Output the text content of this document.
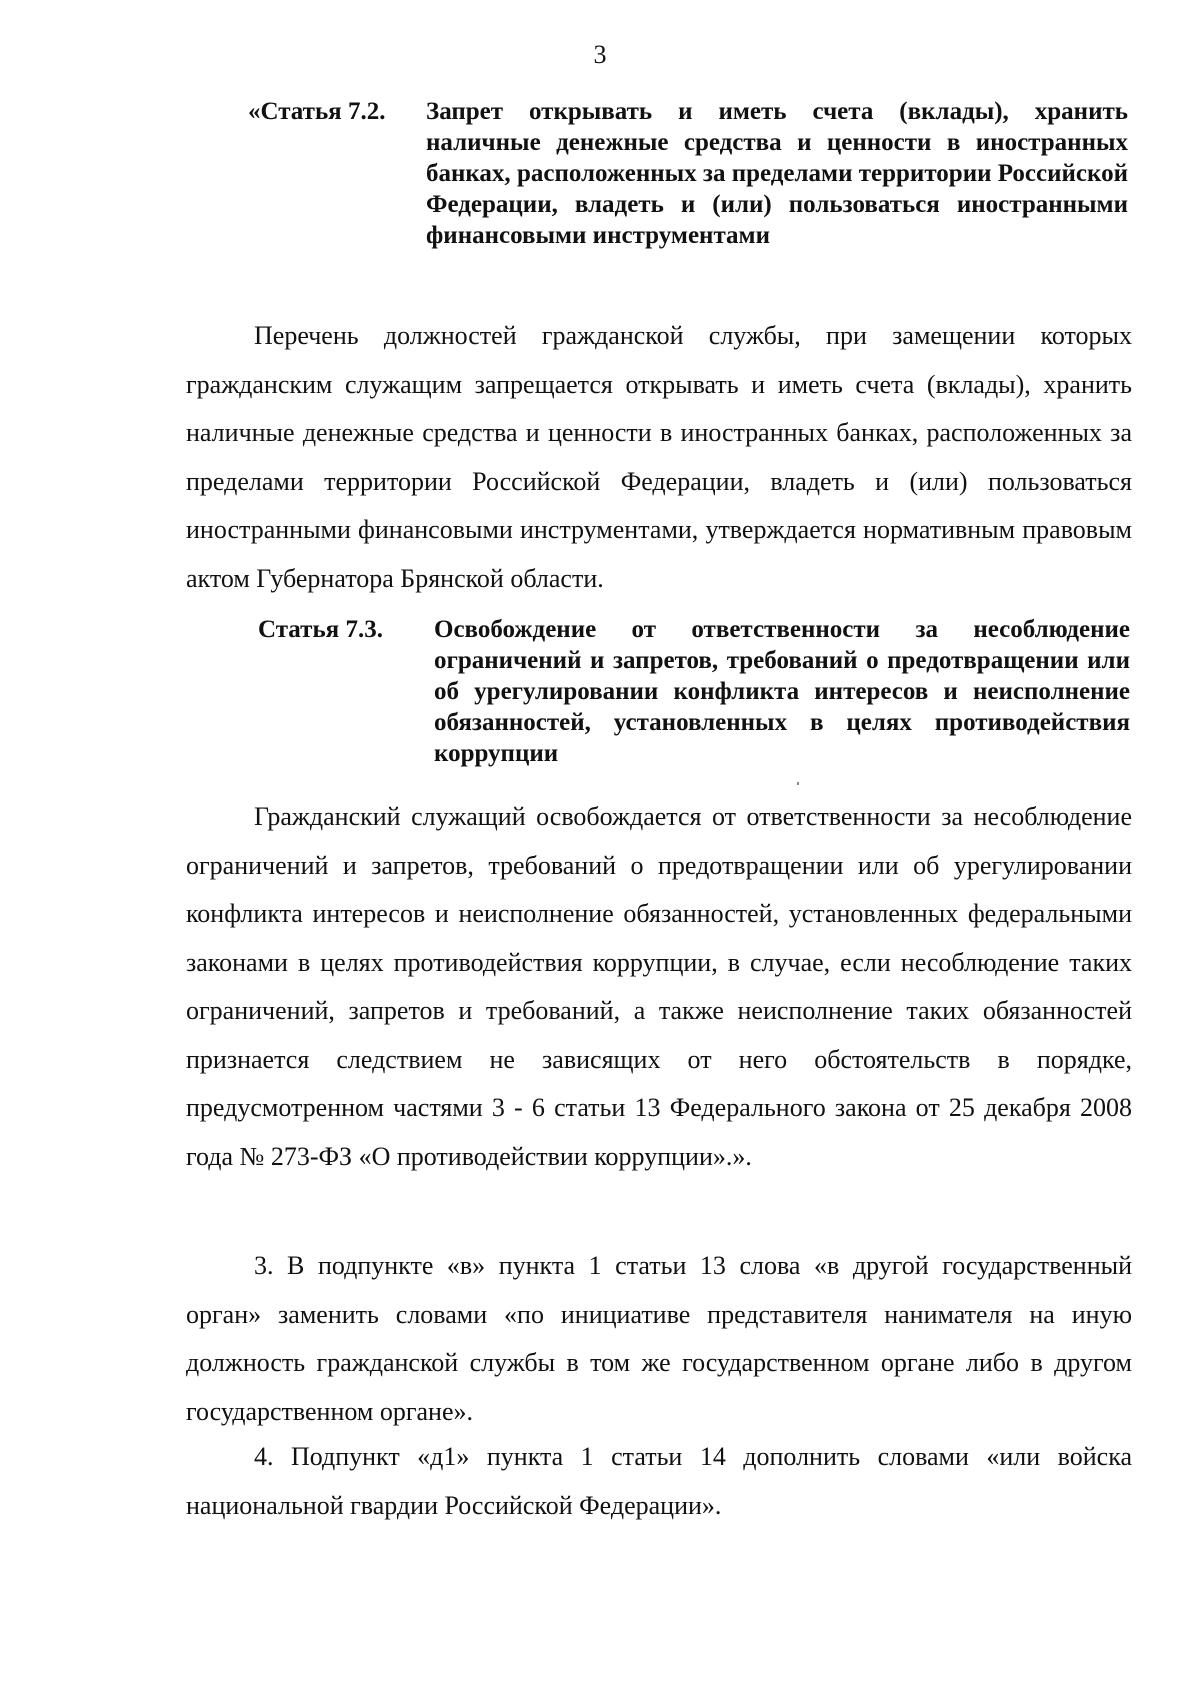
3
«Статья 7.2. Запрет открывать и иметь счета (вклады), хранить наличные денежные средства и ценности в иностранных банках, расположенных за пределами территории Российской Федерации, владеть и (или) пользоваться иностранными финансовыми инструментами

Перечень должностей гражданской службы, при замещении которых гражданским служащим запрещается открывать и иметь счета (вклады), хранить наличные денежные средства и ценности в иностранных банках, расположенных за пределами территории Российской Федерации, владеть и (или) пользоваться иностранными финансовыми инструментами, утверждается нормативным правовым актом Губернатора Брянской области.

Статья 7.3. Освобождение от ответственности за несоблюдение ограничений и запретов, требований о предотвращении или об урегулировании конфликта интересов и неисполнение обязанностей, установленных в целях противодействия коррупции

Гражданский служащий освобождается от ответственности за несоблюдение ограничений и запретов, требований о предотвращении или об урегулировании конфликта интересов и неисполнение обязанностей, установленных федеральными законами в целях противодействия коррупции, в случае, если несоблюдение таких ограничений, запретов и требований, а также неисполнение таких обязанностей признается следствием не зависящих от него обстоятельств в порядке, предусмотренном частями 3 - 6 статьи 13 Федерального закона от 25 декабря 2008 года № 273-ФЗ «О противодействии коррупции».».

3. В подпункте «в» пункта 1 статьи 13 слова «в другой государственный орган» заменить словами «по инициативе представителя нанимателя на иную должность гражданской службы в том же государственном органе либо в другом государственном органе».

4. Подпункт «д1» пункта 1 статьи 14 дополнить словами «или войска национальной гвардии Российской Федерации».
